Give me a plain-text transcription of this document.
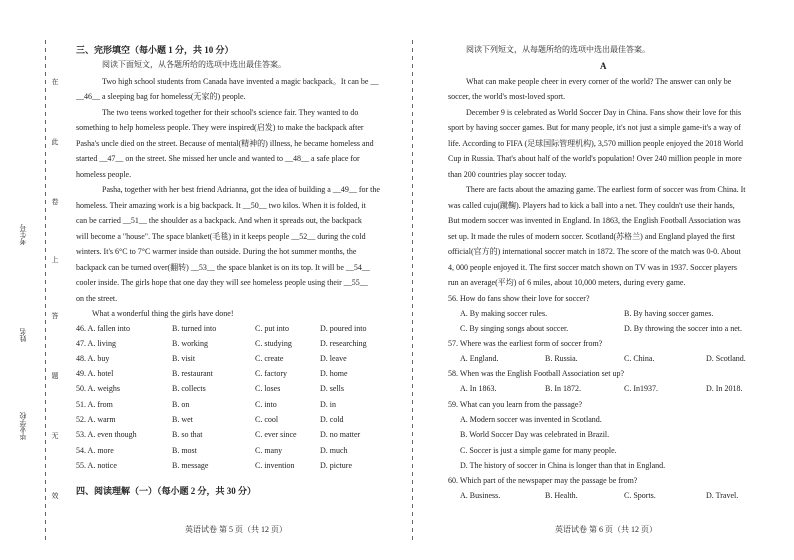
在
此
卷
上
答
题
无
效
考生号
姓名
毕业学校
三、完形填空（每小题 1 分，共 10 分）
阅读下面短文，从各题所给的选项中选出最佳答案。
Two high school students from Canada have invented a magic backpack。It can be __
__46__ a sleeping bag for homeless(无家的) people.
The two teens worked together for their school's science fair. They wanted to do
something to help homeless people. They were inspired(启发) to make the backpack after
Pasha's uncle died on the street. Because of mental(精神的) illness, he became homeless and
started __47__ on the street. She missed her uncle and wanted to __48__ a safe place for
homeless people.
Pasha, together with her best friend Adrianna, got the idea of building a __49__ for the
homeless. Their amazing work is a big backpack. It __50__ two kilos. When it is folded, it
can be carried __51__ the shoulder as a backpack. And when it spreads out, the backpack
will become a "house". The space blanket(毛毯) in it keeps people __52__ during the cold
winters. It's 6°C to 7°C warmer inside than outside. During the hot summer months, the
backpack can be turned over(翻转) __53__ the space blanket is on its top. It will be __54__
cooler inside. The girls hope that one day they will see homeless people using their __55__
on the street.
What a wonderful thing the girls have done!
46. A. fallen into	B. turned into	C. put into	D. poured into
47. A. living	B. working	C. studying	D. researching
48. A. buy	B. visit	C. create	D. leave
49. A. hotel	B. restaurant	C. factory	D. home
50. A. weighs	B. collects	C. loses	D. sells
51. A. from	B. on	C. into	D. in
52. A. warm	B. wet	C. cool	D. cold
53. A. even though	B. so that	C. ever since	D. no matter
54. A. more	B. most	C. many	D. much
55. A. notice	B. message	C. invention	D. picture
四、阅读理解（一）（每小题 2 分，共 30 分）
英语试卷 第 5 页（共 12 页）
阅读下列短文，从每题所给的选项中选出最佳答案。
A
What can make people cheer in every corner of the world? The answer can only be
soccer, the world's most-loved sport.
December 9 is celebrated as World Soccer Day in China. Fans show their love for this
sport by having soccer games. But for many people, it's not just a simple game-it's a way of
life. According to FIFA (足球国际管理机构), 3,570 million people enjoyed the 2018 World
Cup in Russia. That's about half of the world's population! Over 240 million people in more
than 200 countries play soccer today.
There are facts about the amazing game. The earliest form of soccer was from China. It
was called cuju(蹴鞠). Players had to kick a ball into a net. They couldn't use their hands,
But modern soccer was invented in England. In 1863, the English Football Association was
set up. It made the rules of modern soccer. Scotland(苏格兰) and England played the first
official(官方的) international soccer match in 1872. The score of the match was 0-0. About
4, 000 people enjoyed it. The first soccer match shown on TV was in 1937. Soccer players
run an average(平均) of 6 miles, about 10,000 meters, during every game.
56. How do fans show their love for soccer?
A. By making soccer rules.	B. By having soccer games.
C. By singing songs about soccer.	D. By throwing the soccer into a net.
57. Where was the earliest form of soccer from?
A. England.	B. Russia.	C. China.	D. Scotland.
58. When was the English Football Association set up?
A. In 1863.	B. In 1872.	C. In1937.	D. In 2018.
59. What can you learn from the passage?
A. Modern soccer was invented in Scotland.
B. World Soccer Day was celebrated in Brazil.
C. Soccer is just a simple game for many people.
D. The history of soccer in China is longer than that in England.
60. Which part of the newspaper may the passage be from?
A. Business.	B. Health.	C. Sports.	D. Travel.
英语试卷 第 6 页（共 12 页）
